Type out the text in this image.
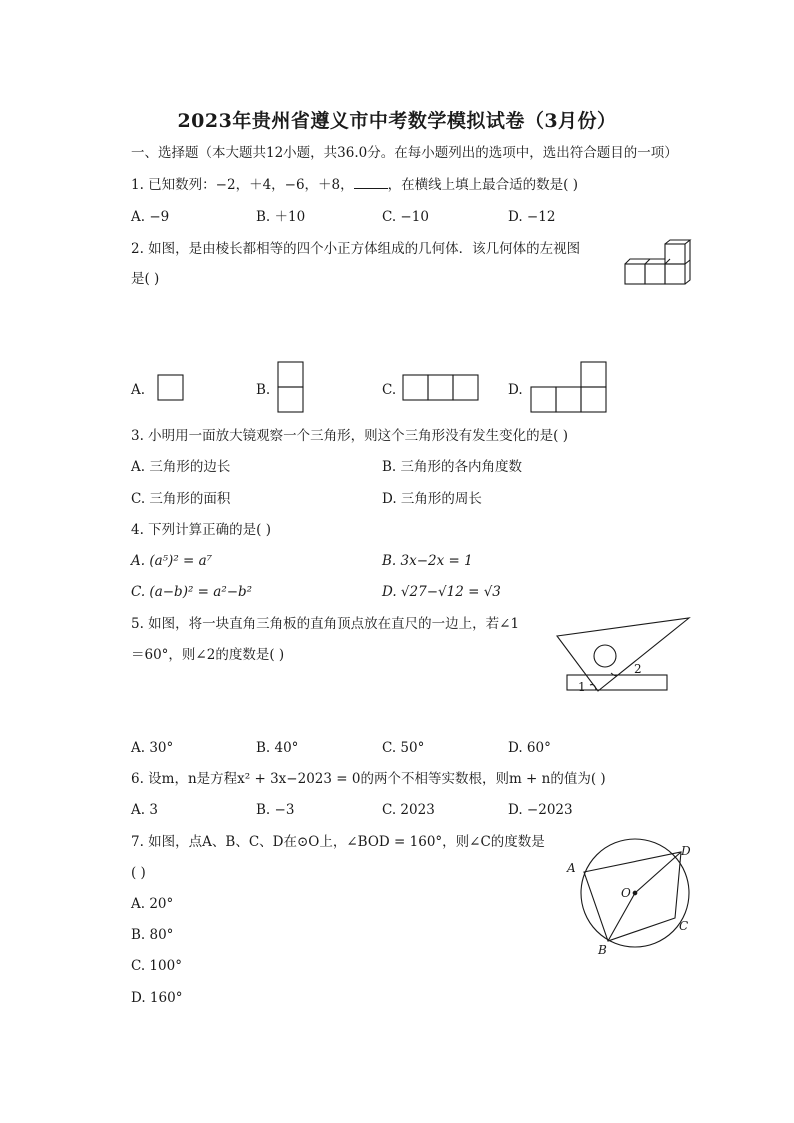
2023年贵州省遵义市中考数学模拟试卷（3月份）
一、选择题（本大题共12小题，共36.0分。在每小题列出的选项中，选出符合题目的一项）
1. 已知数列：−2，＋4，−6，＋8，	，在横线上填上最合适的数是( )
A. −9	B. ＋10	C. −10	D. −12
2. 如图，是由棱长都相等的四个小正方体组成的几何体．该几何体的左视图
是( )
A.	B.	C.	D.
3. 小明用一面放大镜观察一个三角形，则这个三角形没有发生变化的是( )
A. 三角形的边长	B. 三角形的各内角度数
C. 三角形的面积	D. 三角形的周长
4. 下列计算正确的是( )
A. (a⁵)² = a⁷	B. 3x−2x = 1
C. (a−b)² = a²−b²	D. √27−√12 = √3
5. 如图，将一块直角三角板的直角顶点放在直尺的一边上，若∠1
＝60°，则∠2的度数是( )
1
2
A. 30°	B. 40°	C. 50°	D. 60°
6. 设m，n是方程x² + 3x−2023 = 0的两个不相等实数根，则m + n的值为( )
A. 3	B. −3	C. 2023	D. −2023
7. 如图，点A、B、C、D在⊙O上，∠BOD = 160°，则∠C的度数是
( )
A. 20°
B. 80°
C. 100°
D. 160°
A
B
C
D
O
